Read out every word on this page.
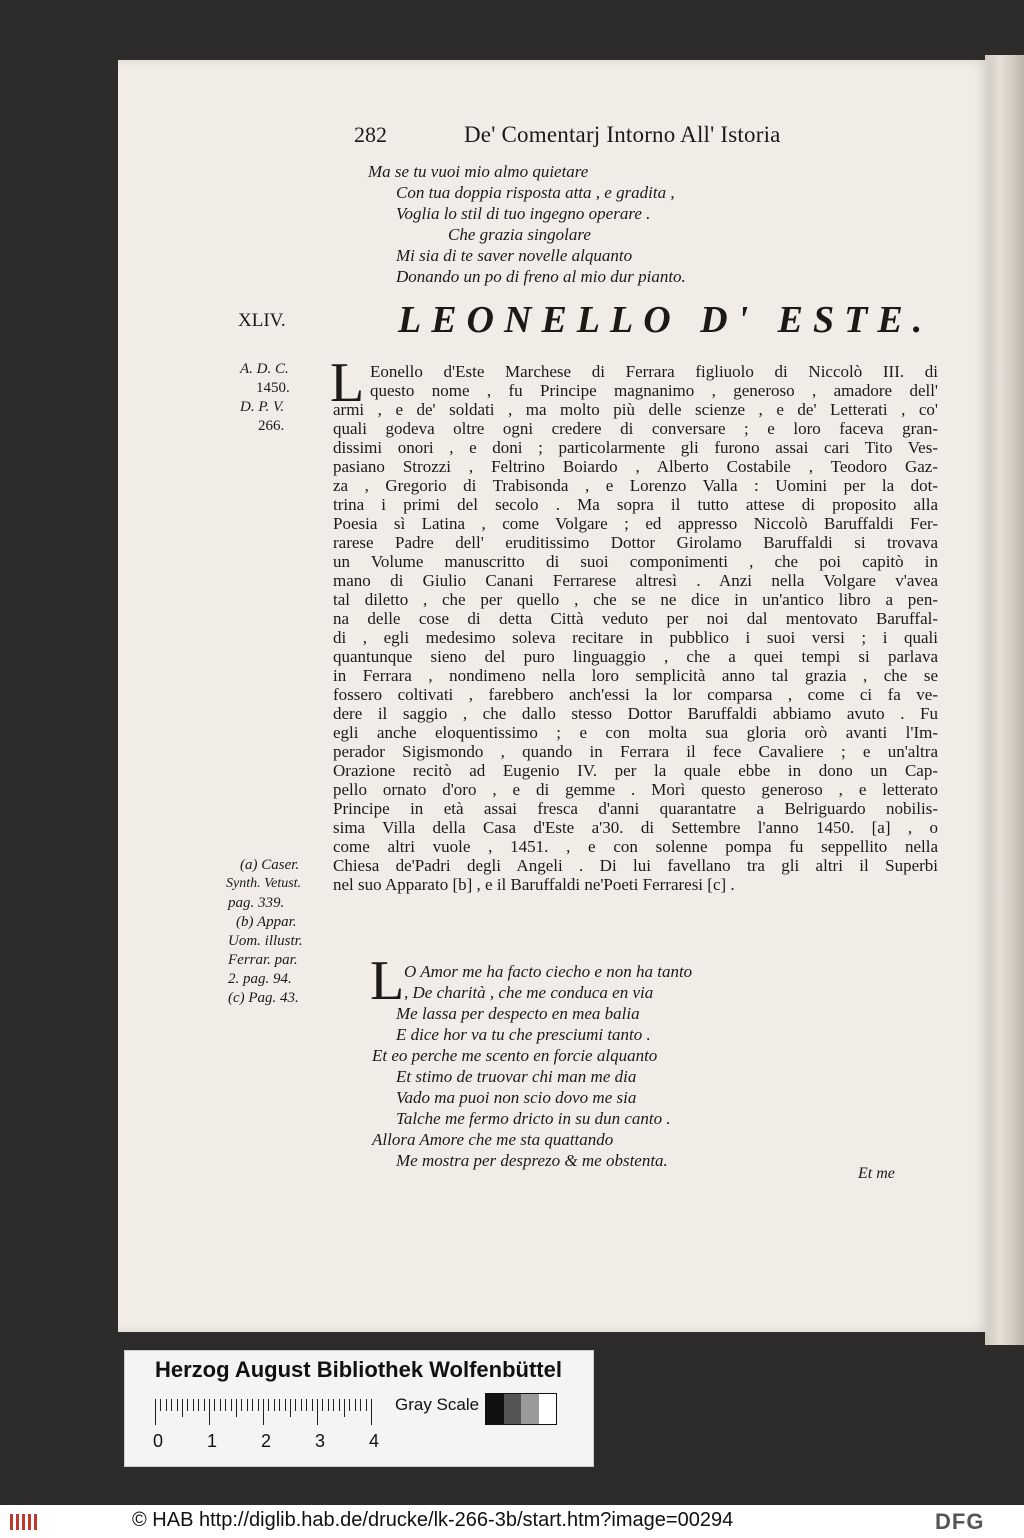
282	De' Comentarj Intorno All' Istoria
Ma se tu vuoi mio almo quietare
Con tua doppia risposta atta , e gradita ,
Voglia lo stil di tuo ingegno operare .
Che grazia singolare
Mi sia di te saver novelle alquanto
Donando un po di freno al mio dur pianto.
XLIV.	LEONELLO D' ESTE.
A. D. C.
1450.
D. P. V.
266.
L Eonello d'Este Marchese di Ferrara figliuolo di Niccolò III. di
questo nome , fu Principe magnanimo , generoso , amadore dell'
armi , e de' soldati , ma molto più delle scienze , e de' Letterati , co'
quali godeva oltre ogni credere di conversare ; e loro faceva gran-
dissimi onori , e doni ; particolarmente gli furono assai cari Tito Ves-
pasiano Strozzi , Feltrino Boiardo , Alberto Costabile , Teodoro Gaz-
za , Gregorio di Trabisonda , e Lorenzo Valla : Uomini per la dot-
trina i primi del secolo . Ma sopra il tutto attese di proposito alla
Poesia sì Latina , come Volgare ; ed appresso Niccolò Baruffaldi Fer-
rarese Padre dell' eruditissimo Dottor Girolamo Baruffaldi si trovava
un Volume manuscritto di suoi componimenti , che poi capitò in
mano di Giulio Canani Ferrarese altresì . Anzi nella Volgare v'avea
tal diletto , che per quello , che se ne dice in un'antico libro a pen-
na delle cose di detta Città veduto per noi dal mentovato Baruffal-
di , egli medesimo soleva recitare in pubblico i suoi versi ; i quali
quantunque sieno del puro linguaggio , che a quei tempi si parlava
in Ferrara , nondimeno nella loro semplicità anno tal grazia , che se
fossero coltivati , farebbero anch'essi la lor comparsa , come ci fa ve-
dere il saggio , che dallo stesso Dottor Baruffaldi abbiamo avuto . Fu
egli anche eloquentissimo ; e con molta sua gloria orò avanti l'Im-
perador Sigismondo , quando in Ferrara il fece Cavaliere ; e un'altra
Orazione recitò ad Eugenio IV. per la quale ebbe in dono un Cap-
pello ornato d'oro , e di gemme . Morì questo generoso , e letterato
Principe in età assai fresca d'anni quarantatre a Belriguardo nobilis-
sima Villa della Casa d'Este a'30. di Settembre l'anno 1450. [a] , o
come altri vuole , 1451. , e con solenne pompa fu seppellito nella
Chiesa de'Padri degli Angeli . Di lui favellano tra gli altri il Superbi
nel suo Apparato [b] , e il Baruffaldi ne'Poeti Ferraresi [c] .
(a) Caser.
Synth. Vetust.
pag. 339.
(b) Appar.
Uom. illustr.
Ferrar. par.
2. pag. 94.
(c) Pag. 43. L O Amor me ha facto ciecho e non ha tanto
, De charità , che me conduca en via
Me lassa per despecto en mea balia
E dice hor va tu che presciumi tanto .
Et eo perche me scento en forcie alquanto
Et stimo de truovar chi man me dia
Vado ma puoi non scio dovo me sia
Talche me fermo dricto in su dun canto .
Allora Amore che me sta quattando
Me mostra per desprezo & me obstenta.
Et me
Herzog August Bibliothek Wolfenbüttel
0 1 2 3 4
Gray Scale
© HAB http://diglib.hab.de/drucke/lk-266-3b/start.htm?image=00294	DFG
